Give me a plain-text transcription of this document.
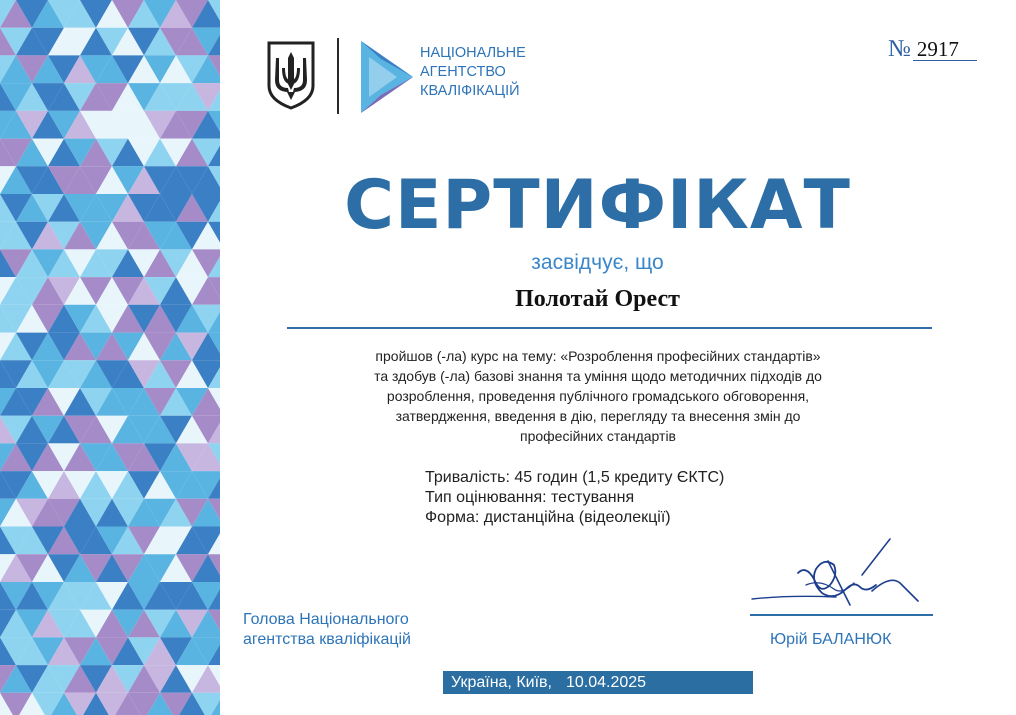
НАЦІОНАЛЬНЕ
АГЕНТСТВО
КВАЛІФІКАЦІЙ
№ 2917
СЕРТИФІКАТ
засвідчує, що
Полотай Орест
пройшов (-ла) курс на тему: «Розроблення професійних стандартів»
та здобув (-ла) базові знання та уміння щодо методичних підходів до
розроблення, проведення публічного громадського обговорення,
затвердження, введення в дію, перегляду та внесення змін до
професійних стандартів
Тривалість: 45 годин (1,5 кредиту ЄКТС)
Тип оцінювання: тестування
Форма: дистанційна (відеолекції)
Юрій БАЛАНЮК
Голова Національного
агентства кваліфікацій
Україна, Київ, 10.04.2025
